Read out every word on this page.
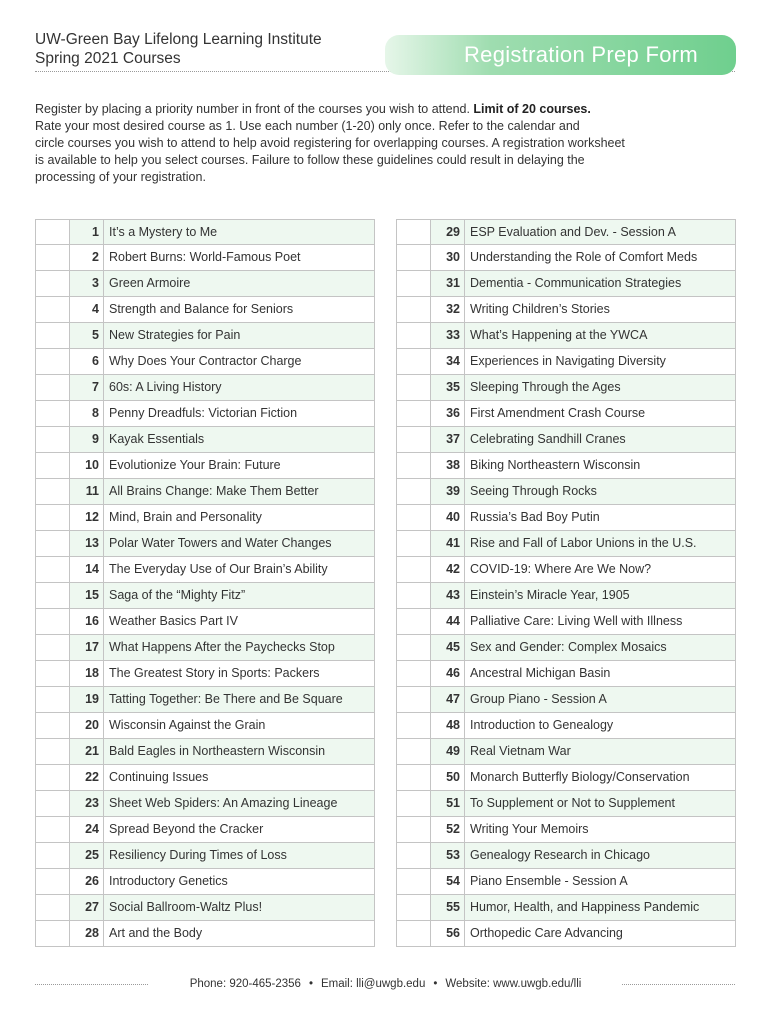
UW-Green Bay Lifelong Learning Institute
Spring 2021 Courses	Registration Prep Form
Register by placing a priority number in front of the courses you wish to attend. Limit of 20 courses.
Rate your most desired course as 1. Use each number (1-20) only once. Refer to the calendar and
circle courses you wish to attend to help avoid registering for overlapping courses. A registration worksheet
is available to help you select courses. Failure to follow these guidelines could result in delaying the
processing of your registration.
1 It’s a Mystery to Me
2 Robert Burns: World-Famous Poet
3 Green Armoire
4 Strength and Balance for Seniors
5 New Strategies for Pain
6 Why Does Your Contractor Charge
7 60s: A Living History
8 Penny Dreadfuls: Victorian Fiction
9 Kayak Essentials
10 Evolutionize Your Brain: Future
11 All Brains Change: Make Them Better
12 Mind, Brain and Personality
13 Polar Water Towers and Water Changes
14 The Everyday Use of Our Brain’s Ability
15 Saga of the “Mighty Fitz”
16 Weather Basics Part IV
17 What Happens After the Paychecks Stop
18 The Greatest Story in Sports: Packers
19 Tatting Together: Be There and Be Square
20 Wisconsin Against the Grain
21 Bald Eagles in Northeastern Wisconsin
22 Continuing Issues
23 Sheet Web Spiders: An Amazing Lineage
24 Spread Beyond the Cracker
25 Resiliency During Times of Loss
26 Introductory Genetics
27 Social Ballroom-Waltz Plus!
28 Art and the Body
29 ESP Evaluation and Dev. - Session A
30 Understanding the Role of Comfort Meds
31 Dementia - Communication Strategies
32 Writing Children’s Stories
33 What’s Happening at the YWCA
34 Experiences in Navigating Diversity
35 Sleeping Through the Ages
36 First Amendment Crash Course
37 Celebrating Sandhill Cranes
38 Biking Northeastern Wisconsin
39 Seeing Through Rocks
40 Russia’s Bad Boy Putin
41 Rise and Fall of Labor Unions in the U.S.
42 COVID-19: Where Are We Now?
43 Einstein’s Miracle Year, 1905
44 Palliative Care: Living Well with Illness
45 Sex and Gender: Complex Mosaics
46 Ancestral Michigan Basin
47 Group Piano - Session A
48 Introduction to Genealogy
49 Real Vietnam War
50 Monarch Butterfly Biology/Conservation
51 To Supplement or Not to Supplement
52 Writing Your Memoirs
53 Genealogy Research in Chicago
54 Piano Ensemble - Session A
55 Humor, Health, and Happiness Pandemic
56 Orthopedic Care Advancing
Phone: 920-465-2356 • Email: lli@uwgb.edu • Website: www.uwgb.edu/lli
